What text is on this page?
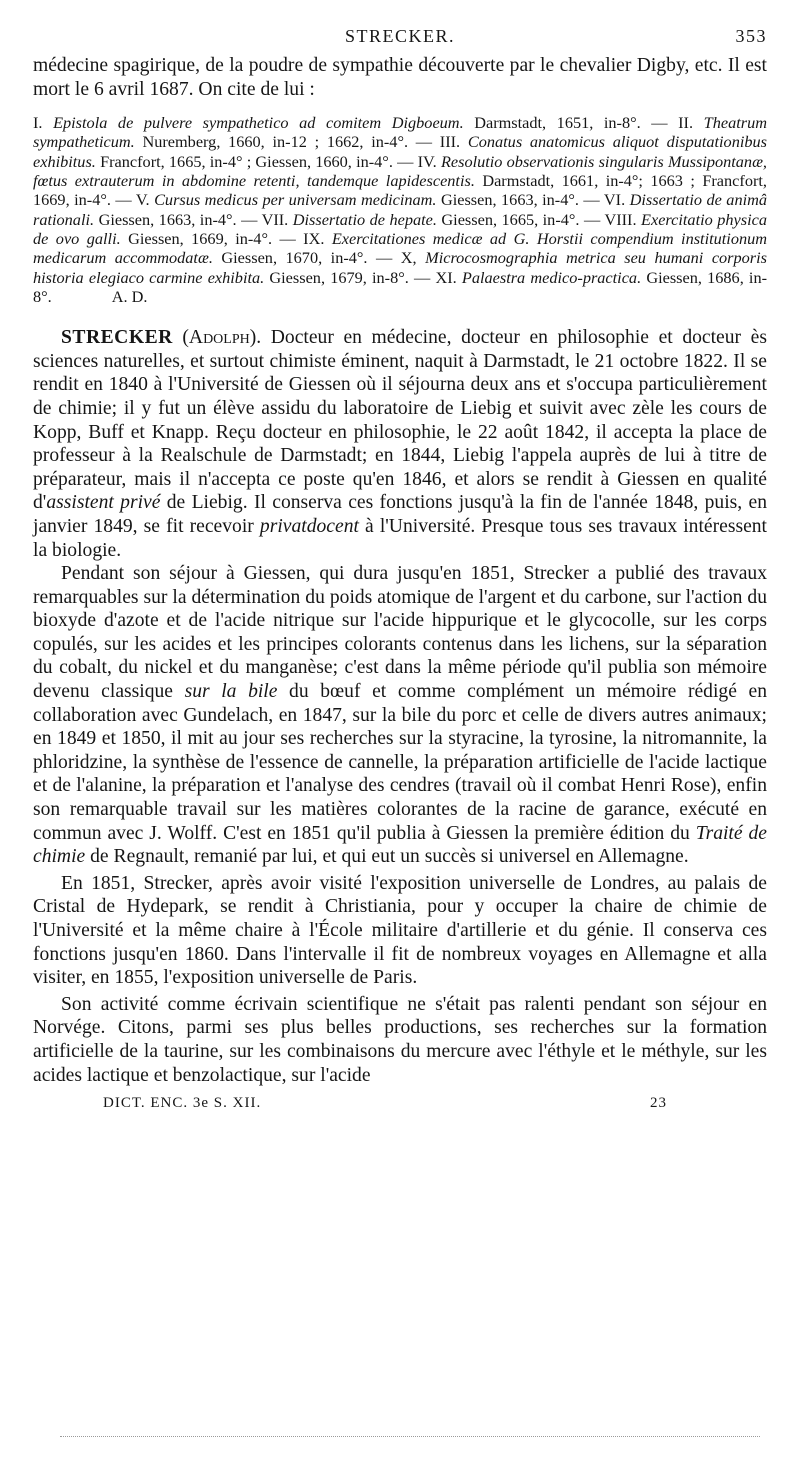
STRECKER.	353

médecine spagirique, de la poudre de sympathie découverte par le chevalier Digby, etc. Il est mort le 6 avril 1687. On cite de lui :

I. Epistola de pulvere sympathetico ad comitem Digboeum. Darmstadt, 1651, in-8°. — II. Theatrum sympatheticum. Nuremberg, 1660, in-12 ; 1662, in-4°. — III. Conatus anatomicus aliquot disputationibus exhibitus. Francfort, 1665, in-4° ; Giessen, 1660, in-4°. — IV. Resolutio observationis singularis Mussipontanæ, fœtus extrauterum in abdomine retenti, tandemque lapidescentis. Darmstadt, 1661, in-4°; 1663 ; Francfort, 1669, in-4°. — V. Cursus medicus per universam medicinam. Giessen, 1663, in-4°. — VI. Dissertatio de animâ rationali. Giessen, 1663, in-4°. — VII. Dissertatio de hepate. Giessen, 1665, in-4°. — VIII. Exercitatio physica de ovo galli. Giessen, 1669, in-4°. — IX. Exercitationes medicæ ad G. Horstii compendium institutionum medicarum accommodatæ. Giessen, 1670, in-4°. — X, Microcosmographia metrica seu humani corporis historia elegiaco carmine exhibita. Giessen, 1679, in-8°. — XI. Palaestra medico-practica. Giessen, 1686, in-8°.	A. D.

STRECKER (Adolph). Docteur en médecine, docteur en philosophie et docteur ès sciences naturelles, et surtout chimiste éminent, naquit à Darmstadt, le 21 octobre 1822. Il se rendit en 1840 à l'Université de Giessen où il séjourna deux ans et s'occupa particulièrement de chimie; il y fut un élève assidu du laboratoire de Liebig et suivit avec zèle les cours de Kopp, Buff et Knapp. Reçu docteur en philosophie, le 22 août 1842, il accepta la place de professeur à la Realschule de Darmstadt; en 1844, Liebig l'appela auprès de lui à titre de préparateur, mais il n'accepta ce poste qu'en 1846, et alors se rendit à Giessen en qualité d'assistent privé de Liebig. Il conserva ces fonctions jusqu'à la fin de l'année 1848, puis, en janvier 1849, se fit recevoir privatdocent à l'Université. Presque tous ses travaux intéressent la biologie.

Pendant son séjour à Giessen, qui dura jusqu'en 1851, Strecker a publié des travaux remarquables sur la détermination du poids atomique de l'argent et du carbone, sur l'action du bioxyde d'azote et de l'acide nitrique sur l'acide hippurique et le glycocolle, sur les corps copulés, sur les acides et les principes colorants contenus dans les lichens, sur la séparation du cobalt, du nickel et du manganèse; c'est dans la même période qu'il publia son mémoire devenu classique sur la bile du bœuf et comme complément un mémoire rédigé en collaboration avec Gundelach, en 1847, sur la bile du porc et celle de divers autres animaux; en 1849 et 1850, il mit au jour ses recherches sur la styracine, la tyrosine, la nitromannite, la phloridzine, la synthèse de l'essence de cannelle, la préparation artificielle de l'acide lactique et de l'alanine, la préparation et l'analyse des cendres (travail où il combat Henri Rose), enfin son remarquable travail sur les matières colorantes de la racine de garance, exécuté en commun avec J. Wolff. C'est en 1851 qu'il publia à Giessen la première édition du Traité de chimie de Regnault, remanié par lui, et qui eut un succès si universel en Allemagne.

En 1851, Strecker, après avoir visité l'exposition universelle de Londres, au palais de Cristal de Hydepark, se rendit à Christiania, pour y occuper la chaire de chimie de l'Université et la même chaire à l'École militaire d'artillerie et du génie. Il conserva ces fonctions jusqu'en 1860. Dans l'intervalle il fit de nombreux voyages en Allemagne et alla visiter, en 1855, l'exposition universelle de Paris.

Son activité comme écrivain scientifique ne s'était pas ralenti pendant son séjour en Norvége. Citons, parmi ses plus belles productions, ses recherches sur la formation artificielle de la taurine, sur les combinaisons du mercure avec l'éthyle et le méthyle, sur les acides lactique et benzolactique, sur l'acide

DICT. ENC. 3e S. XII.	23
